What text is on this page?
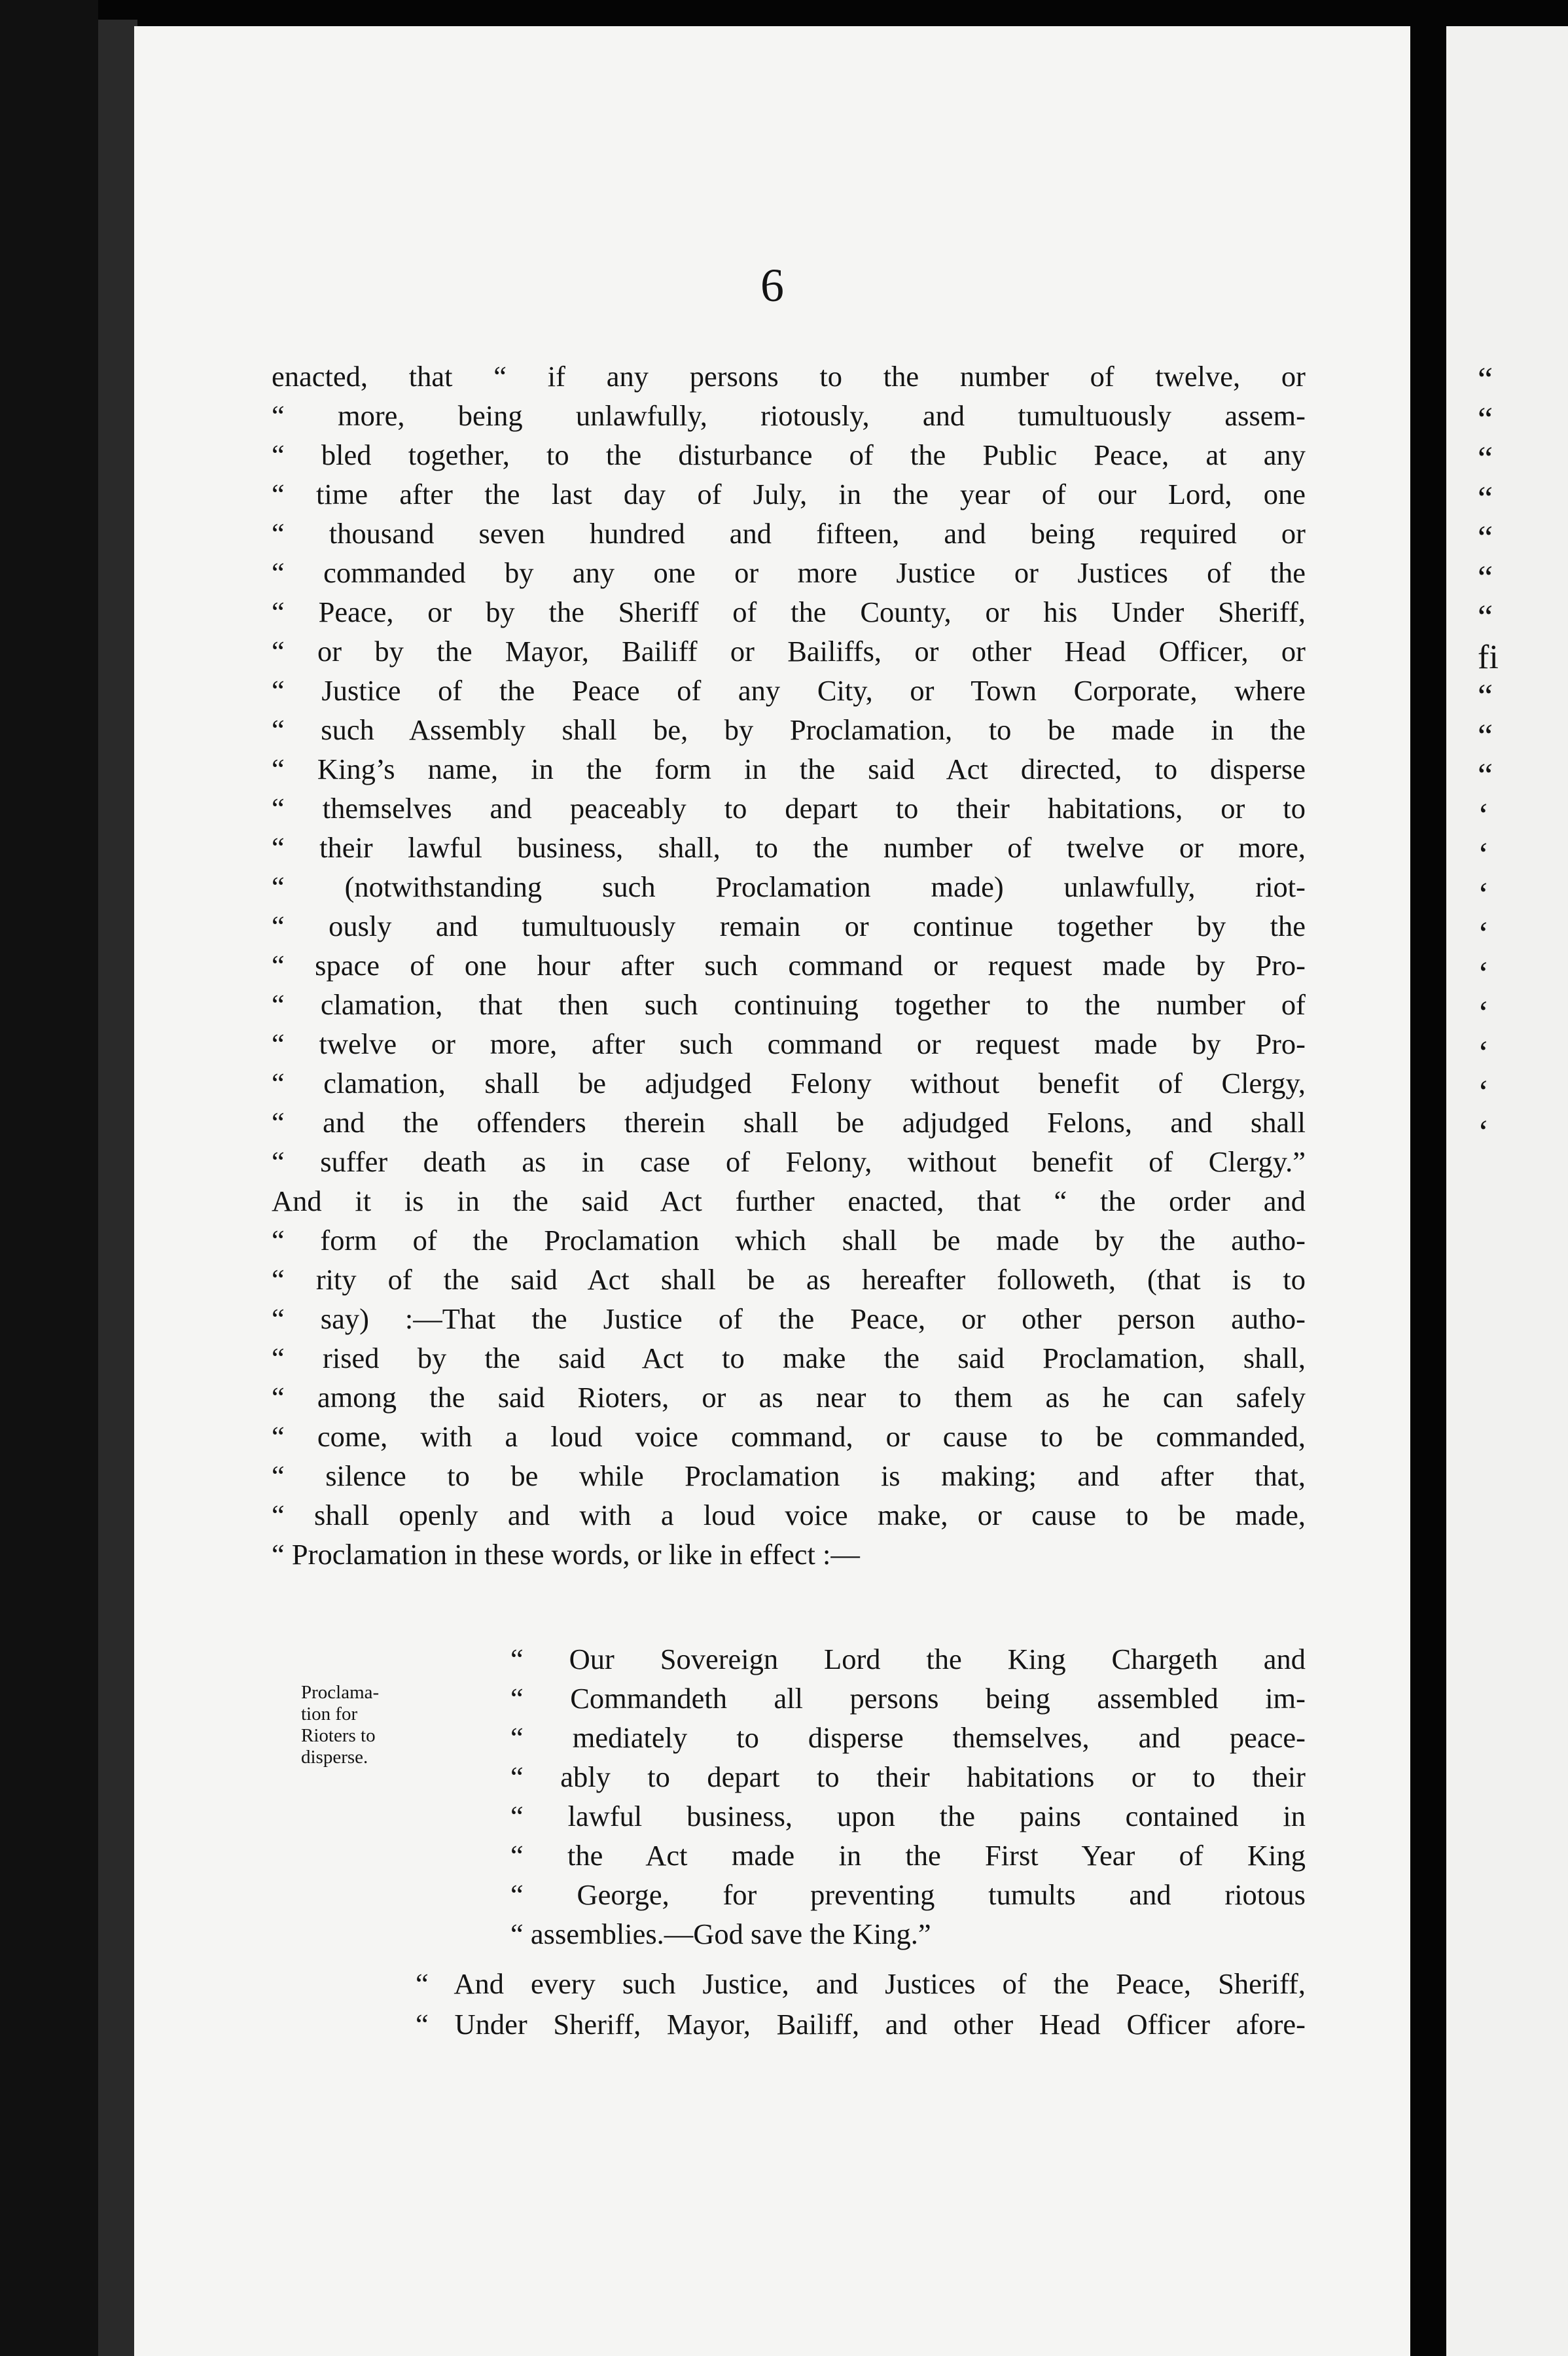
6
enacted, that “ if any persons to the number of twelve, or
“ more, being unlawfully, riotously, and tumultuously assem-
“ bled together, to the disturbance of the Public Peace, at any
“ time after the last day of July, in the year of our Lord, one
“ thousand seven hundred and fifteen, and being required or
“ commanded by any one or more Justice or Justices of the
“ Peace, or by the Sheriff of the County, or his Under Sheriff,
“ or by the Mayor, Bailiff or Bailiffs, or other Head Officer, or
“ Justice of the Peace of any City, or Town Corporate, where
“ such Assembly shall be, by Proclamation, to be made in the
“ King’s name, in the form in the said Act directed, to disperse
“ themselves and peaceably to depart to their habitations, or to
“ their lawful business, shall, to the number of twelve or more,
“ (notwithstanding such Proclamation made) unlawfully, riot-
“ ously and tumultuously remain or continue together by the
“ space of one hour after such command or request made by Pro-
“ clamation, that then such continuing together to the number of
“ twelve or more, after such command or request made by Pro-
“ clamation, shall be adjudged Felony without benefit of Clergy,
“ and the offenders therein shall be adjudged Felons, and shall
“ suffer death as in case of Felony, without benefit of Clergy.”
And it is in the said Act further enacted, that “ the order and
“ form of the Proclamation which shall be made by the autho-
“ rity of the said Act shall be as hereafter followeth, (that is to
“ say) :—That the Justice of the Peace, or other person autho-
“ rised by the said Act to make the said Proclamation, shall,
“ among the said Rioters, or as near to them as he can safely
“ come, with a loud voice command, or cause to be commanded,
“ silence to be while Proclamation is making; and after that,
“ shall openly and with a loud voice make, or cause to be made,
“ Proclamation in these words, or like in effect :—
Proclama-
tion for
Rioters to
disperse.
“ Our Sovereign Lord the King Chargeth and
“ Commandeth all persons being assembled im-
“ mediately to disperse themselves, and peace-
“ ably to depart to their habitations or to their
“ lawful business, upon the pains contained in
“ the Act made in the First Year of King
“ George, for preventing tumults and riotous
“ assemblies.—God save the King.”
“ And every such Justice, and Justices of the Peace, Sheriff,
“ Under Sheriff, Mayor, Bailiff, and other Head Officer afore-
“
“
“
“
“
“
“
fi
“
“
“
‘
‘
‘
‘
‘
‘
‘
‘
‘
